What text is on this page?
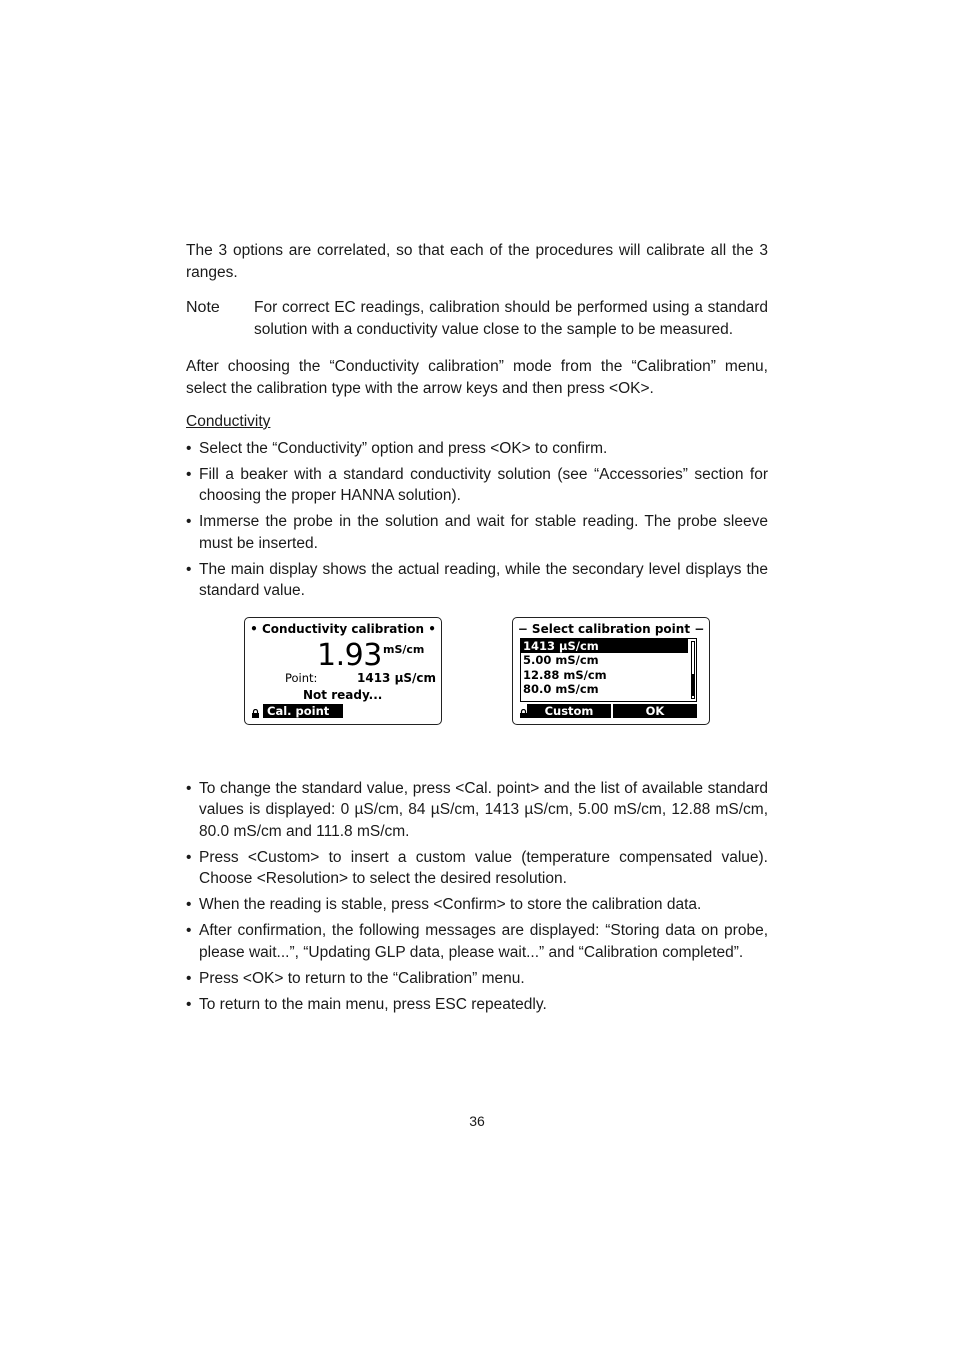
The 3 options are correlated, so that each of the procedures will calibrate all the 3 ranges.

Note	For correct EC readings, calibration should be performed using a standard solution with a conductivity value close to the sample to be measured.

After choosing the “Conductivity calibration” mode from the “Calibration” menu, select the calibration type with the arrow keys and then press <OK>.

Conductivity

• Select the “Conductivity” option and press <OK> to confirm.
• Fill a beaker with a standard conductivity solution (see “Accessories” section for choosing the proper HANNA solution).
• Immerse the probe in the solution and wait for stable reading. The probe sleeve must be inserted.
• The main display shows the actual reading, while the secondary level displays the standard value.
• Conductivity calibration •
1.93 mS/cm
Point:	1413 µS/cm
Not ready...
Cal. point
− Select calibration point −
1413 µS/cm
5.00 mS/cm
12.88 mS/cm
80.0 mS/cm
Custom	OK
• To change the standard value, press <Cal. point> and the list of available standard values is displayed: 0 µS/cm, 84 µS/cm, 1413 µS/cm, 5.00 mS/cm, 12.88 mS/cm, 80.0 mS/cm and 111.8 mS/cm.
• Press <Custom> to insert a custom value (temperature compensated value). Choose <Resolution> to select the desired resolution.
• When the reading is stable, press <Confirm> to store the calibration data.
• After confirmation, the following messages are displayed: “Storing data on probe, please wait...”, “Updating GLP data, please wait...” and “Calibration completed”.
• Press <OK> to return to the “Calibration” menu.
• To return to the main menu, press ESC repeatedly.
36
